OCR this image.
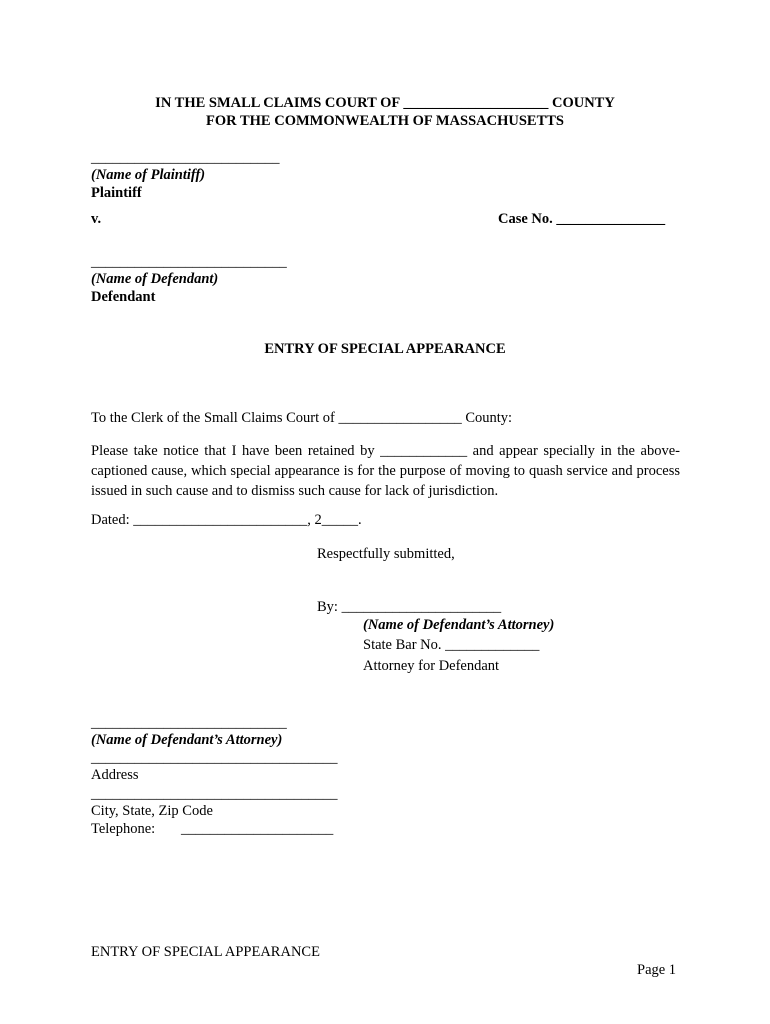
IN THE SMALL CLAIMS COURT OF ____________________ COUNTY
FOR THE COMMONWEALTH OF MASSACHUSETTS
__________________________
(Name of Plaintiff)
Plaintiff
v.	Case No. _______________
___________________________
(Name of Defendant)
Defendant
ENTRY OF SPECIAL APPEARANCE
To the Clerk of the Small Claims Court of _________________ County:
Please take notice that I have been retained by ____________ and appear specially in the above-captioned cause, which special appearance is for the purpose of moving to quash service and process issued in such cause and to dismiss such cause for lack of jurisdiction.
Dated: ________________________, 2_____.
Respectfully submitted,
By: ______________________
(Name of Defendant’s Attorney)
State Bar No. _____________
Attorney for Defendant
___________________________
(Name of Defendant’s Attorney)
__________________________________
Address
__________________________________
City, State, Zip Code
Telephone: _____________________
ENTRY OF SPECIAL APPEARANCE
Page 1
